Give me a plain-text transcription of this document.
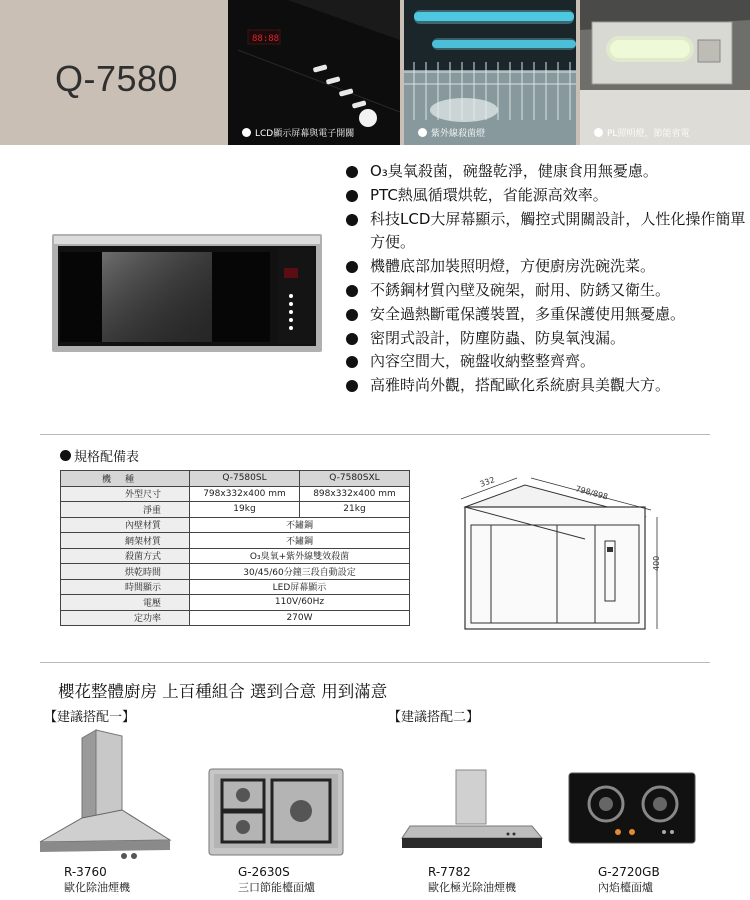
Q-7580
88:88
LCD顯示屏幕與電子開關	紫外線殺菌燈	PL照明燈，節能省電
O₃臭氧殺菌，碗盤乾淨，健康食用無憂慮。
PTC熱風循環烘乾，省能源高效率。
科技LCD大屏幕顯示，觸控式開關設計，人性化操作簡單方便。
機體底部加裝照明燈，方便廚房洗碗洗菜。
不銹鋼材質內壁及碗架，耐用、防銹又衛生。
安全過熱斷電保護裝置，多重保護使用無憂慮。
密閉式設計，防塵防蟲、防臭氧洩漏。
內容空間大，碗盤收納整整齊齊。
高雅時尚外觀，搭配歐化系統廚具美觀大方。
規格配備表
機種	Q-7580SL	Q-7580SXL
外型尺寸	798x332x400 mm	898x332x400 mm
淨重	19kg	21kg
內壁材質	不鏽鋼	
網架材質	不鏽鋼	
殺菌方式	O₃臭氧+紫外線雙效殺菌	
烘乾時間	30/45/60分鐘三段自動設定	
時間顯示	LED屏幕顯示	
電壓	110V/60Hz	
定功率	270W	
332
798/898
400
櫻花整體廚房 上百種組合 選到合意 用到滿意
【建議搭配一】	【建議搭配二】
R-3760
歐化除油煙機
G-2630S
三口節能檯面爐
R-7782
歐化極光除油煙機
G-2720GB
內焰檯面爐
